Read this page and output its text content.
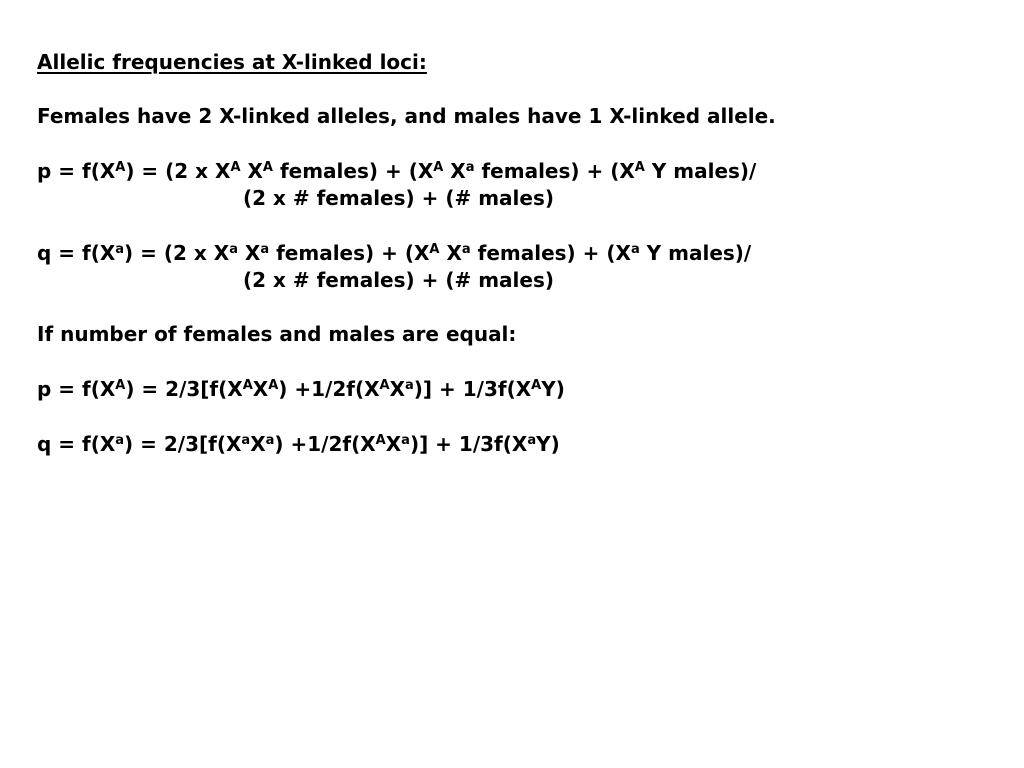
Allelic frequencies at X-linked loci:
Females have 2 X-linked alleles, and males have 1 X-linked allele.
$p = f(X^A) = (2$ x $X^A$ $X^A$ females) + ($X^A$ $X^a$ females) + ($X^A$ Y males)/
(2 x # females) + (# males)
$q = f(X^a) = (2$ x $X^a$ $X^a$ females) + ($X^A$ $X^a$ females) + ($X^a$ Y males)/
(2 x # females) + (# males)
If number of females and males are equal:
$p = f(X^A) = 2/3[f(X^AX^A) +1/2f(X^AX^a)] + 1/3f(X^AY)$
$q = f(X^a) = 2/3[f(X^aX^a) +1/2f(X^AX^a)] + 1/3f(X^aY)$
